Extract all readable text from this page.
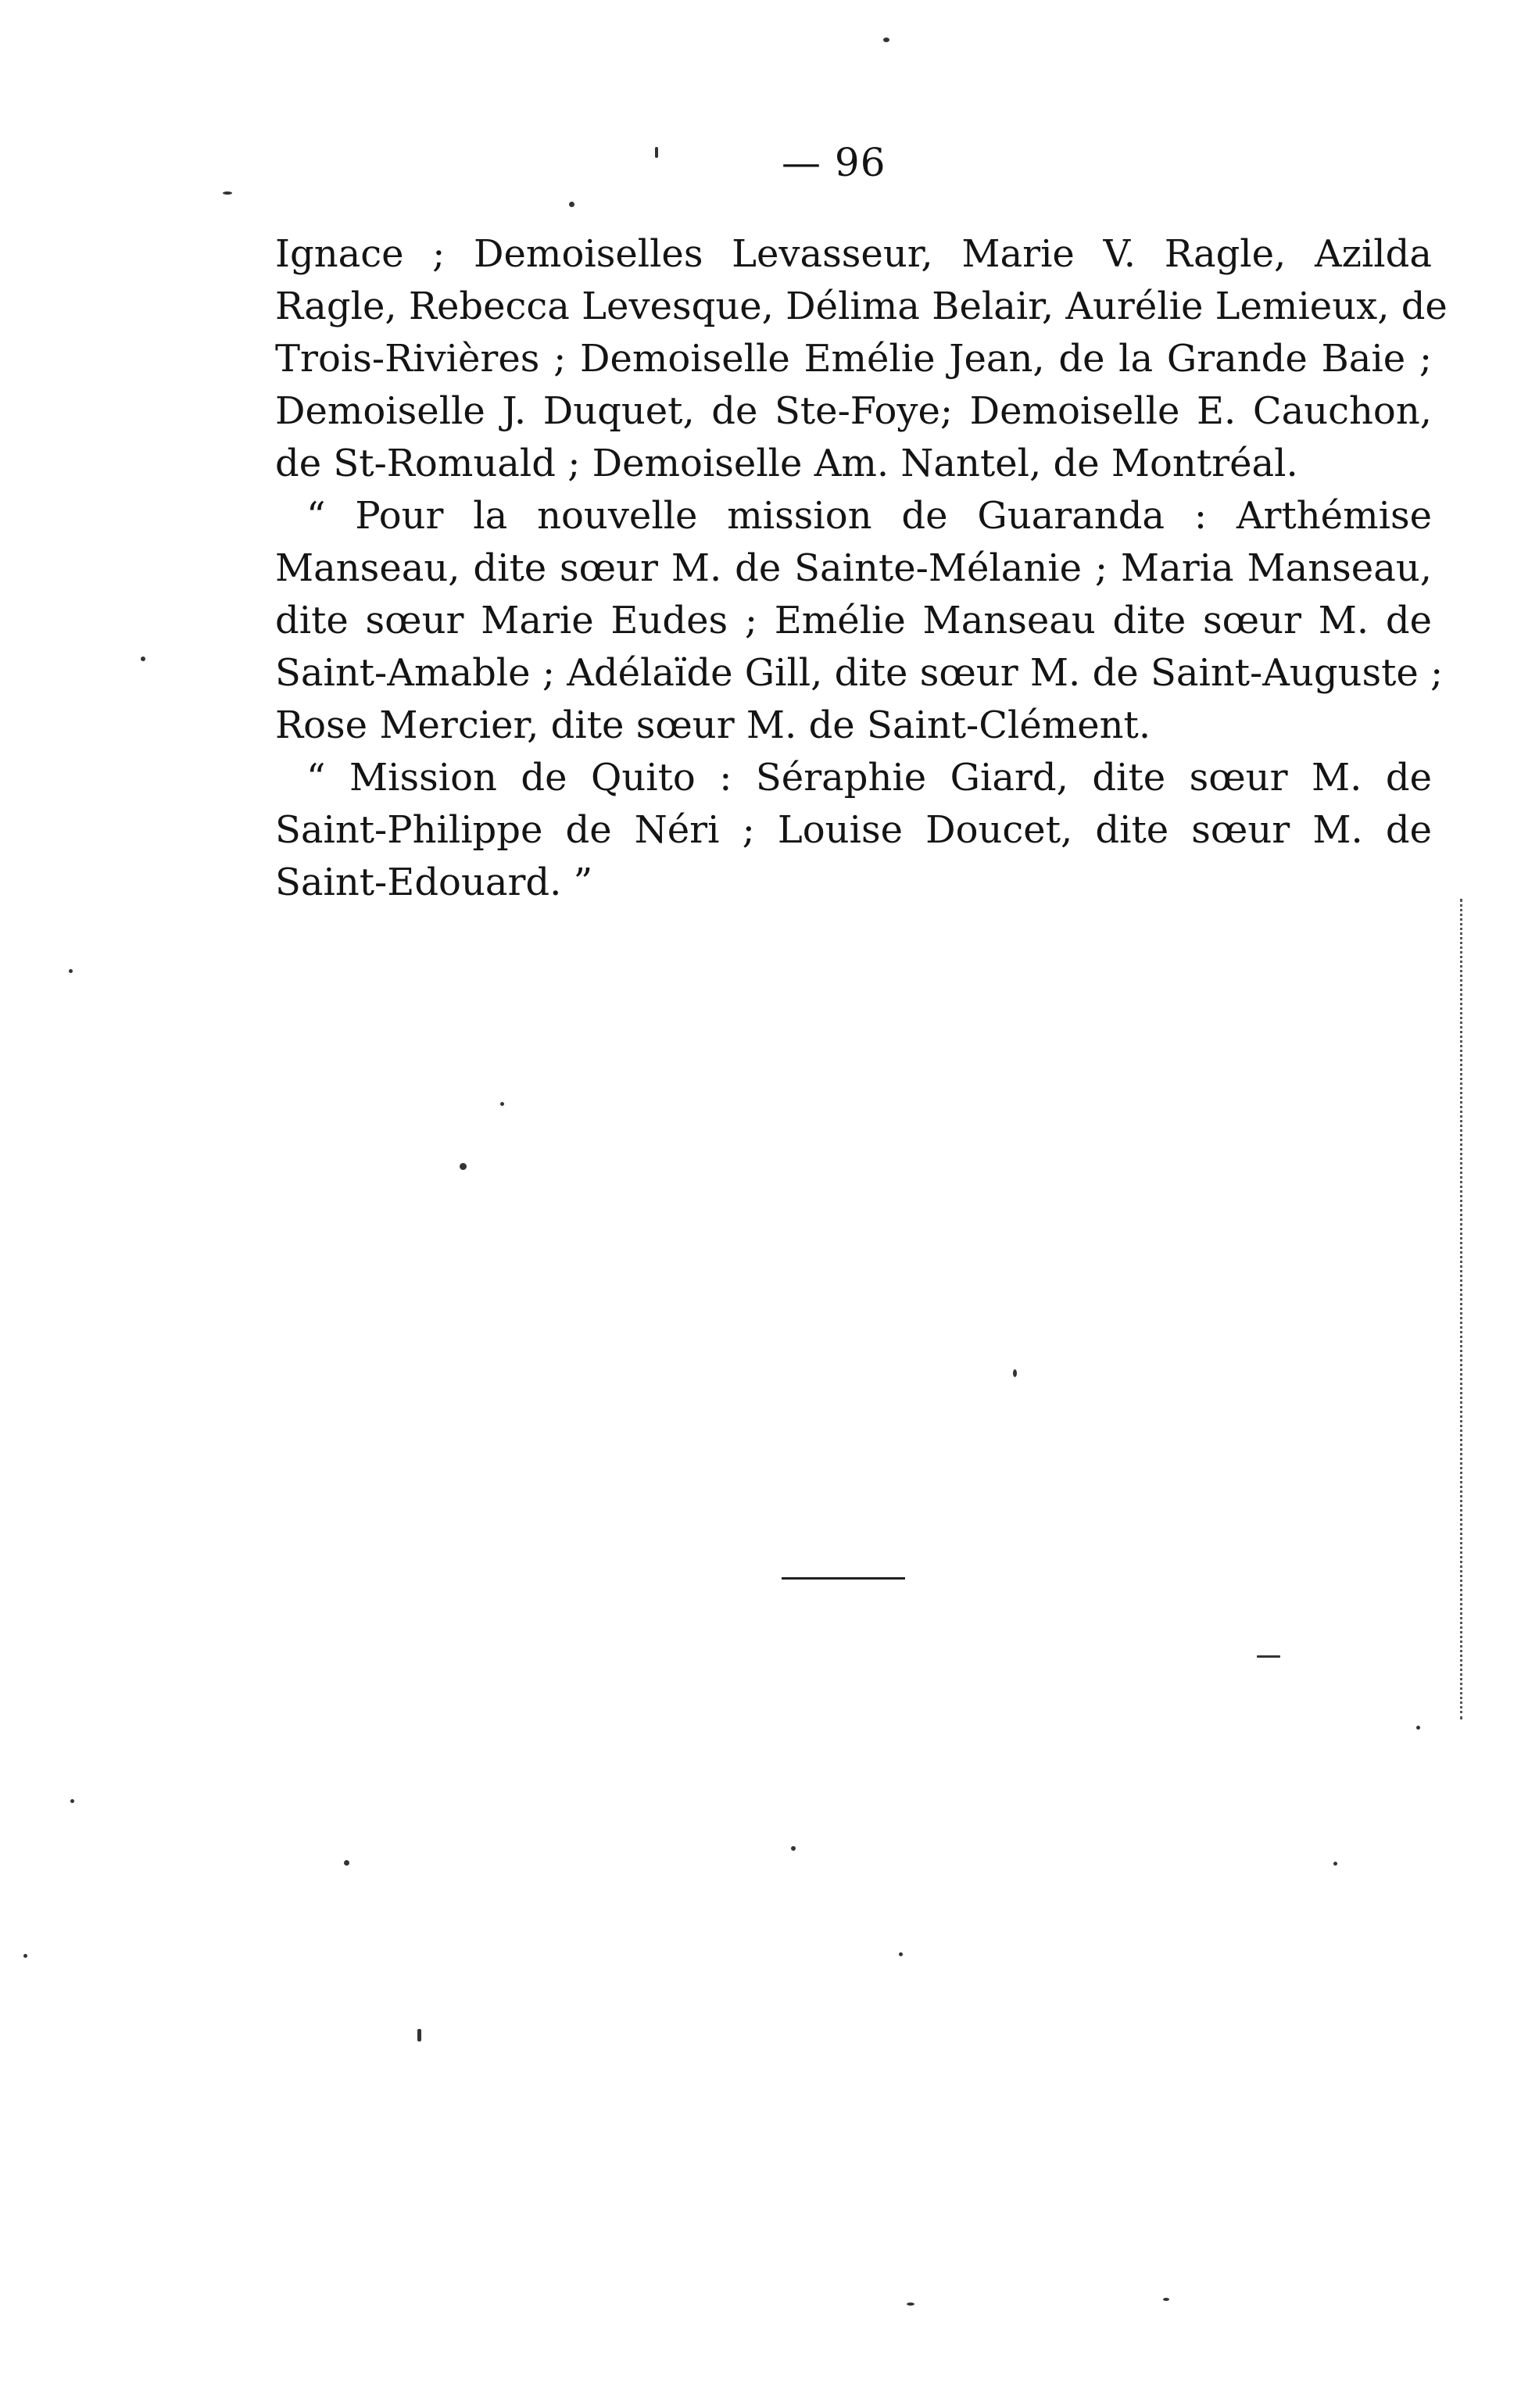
— 96
Ignace ; Demoiselles Levasseur, Marie V. Ragle, Azilda
Ragle, Rebecca Levesque, Délima Belair, Aurélie Lemieux, de
Trois-Rivières ; Demoiselle Emélie Jean, de la Grande Baie ;
Demoiselle J. Duquet, de Ste-Foye; Demoiselle E. Cauchon,
de St-Romuald ; Demoiselle Am. Nantel, de Montréal.
“ Pour la nouvelle mission de Guaranda : Arthémise
Manseau, dite sœur M. de Sainte-Mélanie ; Maria Manseau,
dite sœur Marie Eudes ; Emélie Manseau dite sœur M. de
Saint-Amable ; Adélaïde Gill, dite sœur M. de Saint-Auguste ;
Rose Mercier, dite sœur M. de Saint-Clément.
“ Mission de Quito : Séraphie Giard, dite sœur M. de
Saint-Philippe de Néri ; Louise Doucet, dite sœur M. de
Saint-Edouard. ”
